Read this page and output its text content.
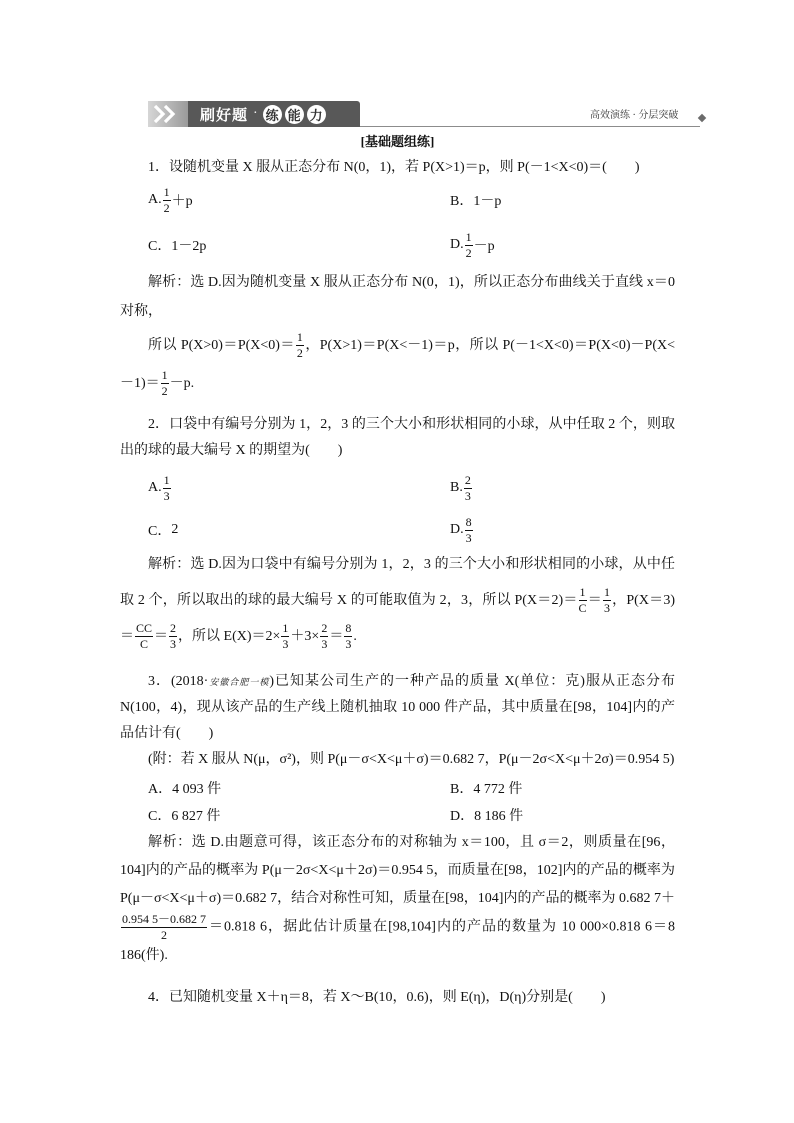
刷好题 · 练 能 力	高效演练 · 分层突破
[基础题组练]
1．设随机变量 X 服从正态分布 N(0，1)，若 P(X>1)＝p，则 P(－1<X<0)＝(　　)
A. $\frac{1}{2} +p$	B． 1－p
C． 1－2p	D. $\frac{1}{2} -p$
解析：选 D.因为随机变量 X 服从正态分布 N(0，1)，所以正态分布曲线关于直线 x＝0 对称，
所以 $P(X>0)=P(X<0)= \frac{1}{2}$ ，P(X>1)＝P(X<－1)＝p，所以 $P(-1<X<0)=P(X<0)-P(X<-1)= \frac{1}{2} -p$.
2．口袋中有编号分别为 1，2，3 的三个大小和形状相同的小球，从中任取 2 个，则取出的球的最大编号 X 的期望为(　　)
A. $\frac{1}{3}$	B. $\frac{2}{3}$
C． 2	D. $\frac{8}{3}$
解析：选 D.因为口袋中有编号分别为 1，2，3 的三个大小和形状相同的小球，从中任取 2 个，所以取出的球的最大编号 X 的可能取值为 2，3，所以 $P(X=2)= \frac{1}{C} = \frac{1}{3}$ ，$P(X=3)= \frac{CC}{C} = \frac{2}{3}$ ，所以 $E(X)=2\times \frac{1}{3} +3\times \frac{2}{3} = \frac{8}{3}$ .
3．(2018·安徽合肥一模)已知某公司生产的一种产品的质量 X(单位：克)服从正态分布 N(100，4)，现从该产品的生产线上随机抽取 10 000 件产品，其中质量在[98，104]内的产品估计有(　　)
(附：若 X 服从 N(μ，σ²)，则 P(μ－σ<X<μ＋σ)＝0.682 7，P(μ－2σ<X<μ＋2σ)＝0.954 5)
A． 4 093 件	B． 4 772 件
C． 6 827 件	D． 8 186 件
解析：选 D.由题意可得，该正态分布的对称轴为 x＝100，且 σ＝2，则质量在[96，104]内的产品的概率为 P(μ－2σ<X<μ＋2σ)＝0.954 5，而质量在[98，102]内的产品的概率为 P(μ－σ<X<μ＋σ)＝0.682 7，结合对称性可知，质量在[98，104]内的产品的概率为 0.682 7＋
$\frac{0.954 5-0.682 7}{2} =0.818$ 6，据此估计质量在[98,104]内的产品的数量为 10 000×0.818 6＝8 186(件).
4．已知随机变量 X＋η＝8，若 X～B(10，0.6)，则 E(η)，D(η)分别是(　　)
